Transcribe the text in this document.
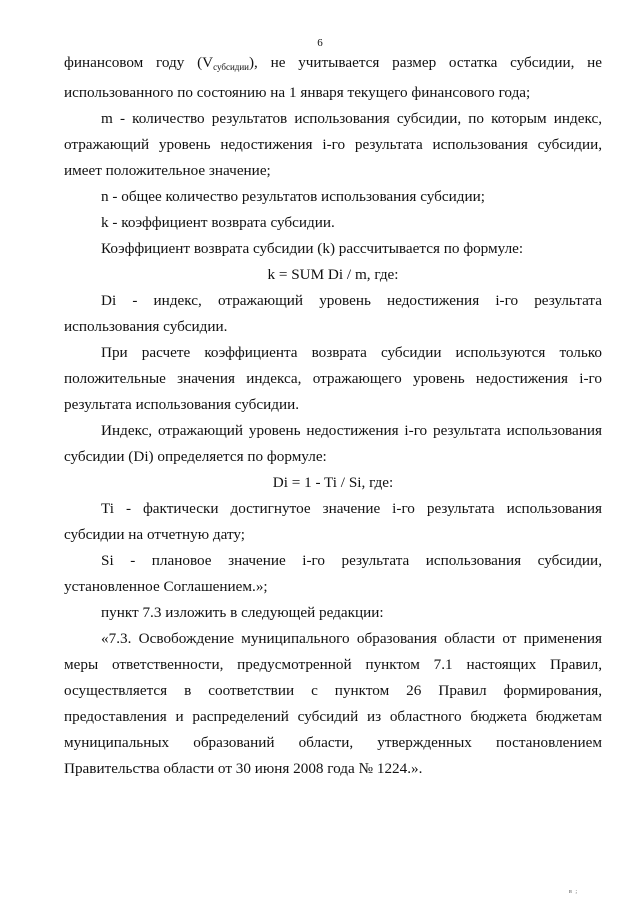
6

финансовом году $(V_{субсидии})$, не учитывается размер остатка субсидии, не использованного по состоянию на 1 января текущего финансового года;

m - количество результатов использования субсидии, по которым индекс, отражающий уровень недостижения i-го результата использования субсидии, имеет положительное значение;

n - общее количество результатов использования субсидии;

k - коэффициент возврата субсидии.

Коэффициент возврата субсидии (k) рассчитывается по формуле:

k = SUM Di / m, где:

Di - индекс, отражающий уровень недостижения i-го результата использования субсидии.

При расчете коэффициента возврата субсидии используются только положительные значения индекса, отражающего уровень недостижения i-го результата использования субсидии.

Индекс, отражающий уровень недостижения i-го результата использования субсидии (Di) определяется по формуле:

Di = 1 - Ti / Si, где:

Ti - фактически достигнутое значение i-го результата использования субсидии на отчетную дату;

Si - плановое значение i-го результата использования субсидии, установленное Соглашением.»;

пункт 7.3 изложить в следующей редакции:

«7.3. Освобождение муниципального образования области от применения меры ответственности, предусмотренной пунктом 7.1 настоящих Правил, осуществляется в соответствии с пунктом 26 Правил формирования, предоставления и распределений субсидий из областного бюджета бюджетам муниципальных образований области, утвержденных постановлением Правительства области от 30 июня 2008 года № 1224.».

в ;
